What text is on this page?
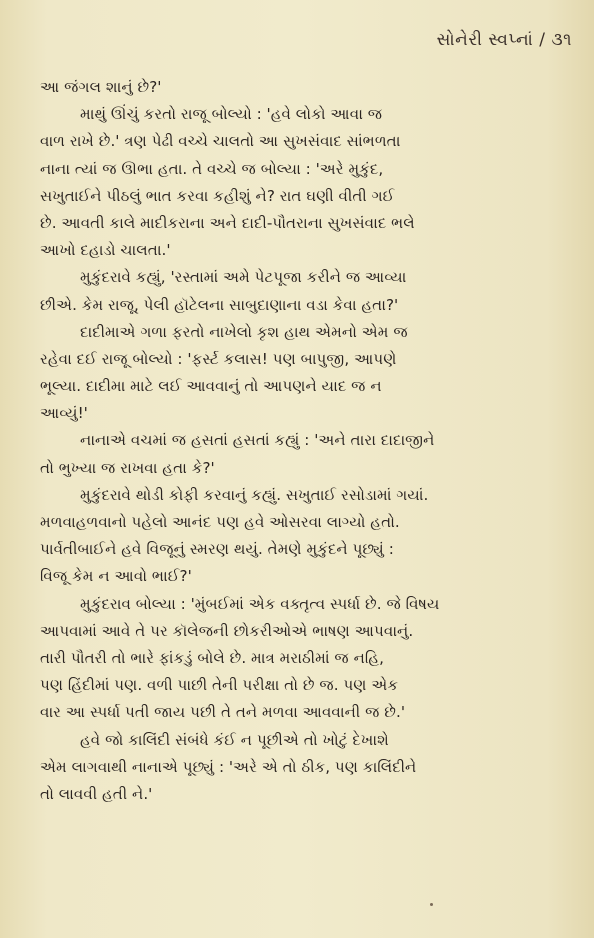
સોનેરી સ્વપ્નાં / ૩૧
આ જંગલ શાનું છે?'
માથું ઊંચું કરતો રાજૂ બોલ્યો : 'હવે લોકો આવા જ
વાળ રાખે છે.' ત્રણ પેઢી વચ્ચે ચાલતો આ સુખસંવાદ સાંભળતા
નાના ત્યાં જ ઊભા હતા. તે વચ્ચે જ બોલ્યા : 'અરે મુકુંદ,
સખુતાઈને પીઠલું ભાત કરવા કહીશું ને? રાત ઘણી વીતી ગઈ
છે. આવતી કાલે માદીકરાના અને દાદી-પૌતરાના સુખસંવાદ ભલે
આખો દહાડો ચાલતા.'
મુકુંદરાવે કહ્યું, 'રસ્તામાં અમે પેટપૂજા કરીને જ આવ્યા
છીએ. કેમ રાજૂ, પેલી હૉટેલના સાબુદાણાના વડા કેવા હતા?'
દાદીમાએ ગળા ફરતો નાખેલો કૃશ હાથ એમનો એમ જ
રહેવા દઈ રાજૂ બોલ્યો : 'ફર્સ્ટ કલાસ! પણ બાપુજી, આપણે
ભૂલ્યા. દાદીમા માટે લઈ આવવાનું તો આપણને યાદ જ ન
આવ્યું!'
નાનાએ વચમાં જ હસતાં હસતાં કહ્યું : 'અને તારા દાદાજીને
તો ભુખ્યા જ રાખવા હતા કે?'
મુકુંદરાવે થોડી કોફી કરવાનું કહ્યું. સખુતાઈ રસોડામાં ગયાં.
મળવાહળવાનો પહેલો આનંદ પણ હવે ઓસરવા લાગ્યો હતો.
પાર્વતીબાઈને હવે વિજૂનું સ્મરણ થયું. તેમણે મુકુંદને પૂછ્યું :
વિજૂ કેમ ન આવો ભાઈ?'
મુકુંદરાવ બોલ્યા : 'મુંબઈમાં એક વક્તૃત્વ સ્પર્ધા છે. જે વિષય
આપવામાં આવે તે પર કૉલેજની છોકરીઓએ ભાષણ આપવાનું.
તારી પૌતરી તો ભારે ફાંકડું બોલે છે. માત્ર મરાઠીમાં જ નહિ,
પણ હિંદીમાં પણ. વળી પાછી તેની પરીક્ષા તો છે જ. પણ એક
વાર આ સ્પર્ધા પતી જાય પછી તે તને મળવા આવવાની જ છે.'
હવે જો કાલિંદી સંબંધે કંઈ ન પૂછીએ તો ખોટું દેખાશે
એમ લાગવાથી નાનાએ પૂછ્યું : 'અરે એ તો ઠીક, પણ કાલિંદીને
તો લાવવી હતી ને.'
